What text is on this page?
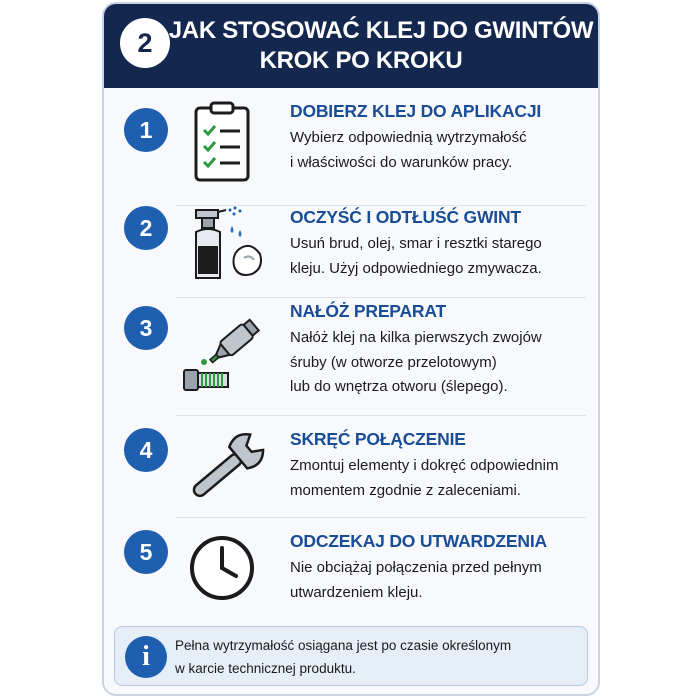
2 JAK STOSOWAĆ KLEJ DO GWINTÓW
KROK PO KROKU
1
DOBIERZ KLEJ DO APLIKACJI
Wybierz odpowiednią wytrzymałość
i właściwości do warunków pracy.
2	OCZYŚĆ I ODTŁUŚĆ GWINT
Usuń brud, olej, smar i resztki starego
kleju. Użyj odpowiedniego zmywacza.
3
NAŁÓŻ PREPARAT
Nałóż klej na kilka pierwszych zwojów
śruby (w otworze przelotowym)
lub do wnętrza otworu (ślepego).
4	SKRĘĆ POŁĄCZENIE
Zmontuj elementy i dokręć odpowiednim
momentem zgodnie z zaleceniami.
5	ODCZEKAJ DO UTWARDZENIA
Nie obciążaj połączenia przed pełnym
utwardzeniem kleju.
i	Pełna wytrzymałość osiągana jest po czasie określonym
w karcie technicznej produktu.
